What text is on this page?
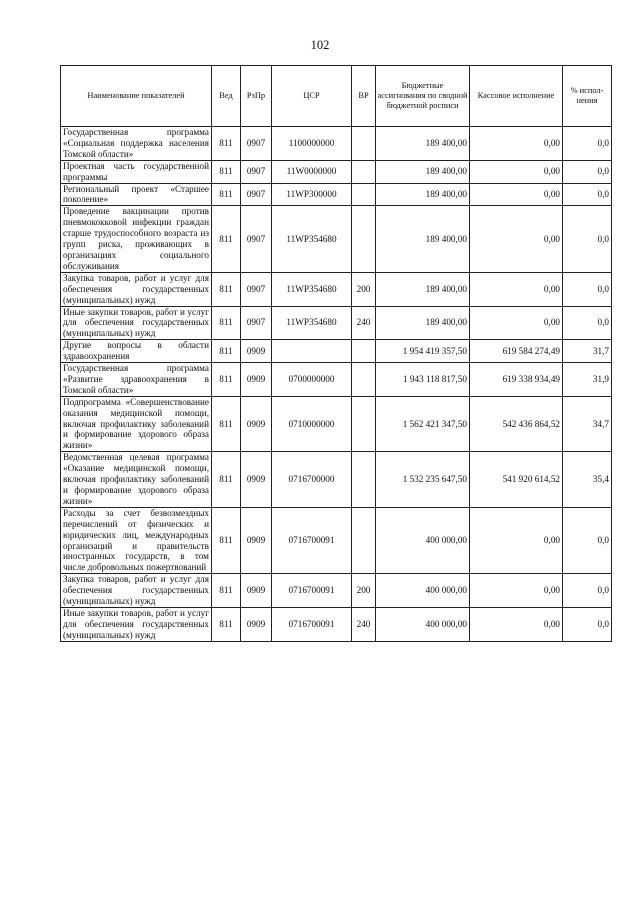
102
Наименование показателей	Вед	РзПр	ЦСР	ВР	Бюджетные ассигнования по сводной бюджетной росписи	Кассовое исполнение	% испол-нения
Государственная программа «Социальная поддержка населения Томской области»	811	0907	1100000000		189 400,00	0,00	0,0
Проектная часть государственной программы	811	0907	11W0000000		189 400,00	0,00	0,0
Региональный проект «Старшее поколение»	811	0907	11WP300000		189 400,00	0,00	0,0
Проведение вакцинации против пневмококковой инфекции граждан старше трудоспособного возраста из групп риска, проживающих в организациях социального обслуживания	811	0907	11WP354680		189 400,00	0,00	0,0
Закупка товаров, работ и услуг для обеспечения государственных (муниципальных) нужд	811	0907	11WP354680	200	189 400,00	0,00	0,0
Иные закупки товаров, работ и услуг для обеспечения государственных (муниципальных) нужд	811	0907	11WP354680	240	189 400,00	0,00	0,0
Другие вопросы в области здравоохранения	811	0909			1 954 419 357,50	619 584 274,49	31,7
Государственная программа «Развитие здравоохранения в Томской области»	811	0909	0700000000		1 943 118 817,50	619 338 934,49	31,9
Подпрограмма «Совершенствование оказания медицинской помощи, включая профилактику заболеваний и формирование здорового образа жизни»	811	0909	0710000000		1 562 421 347,50	542 436 864,52	34,7
Ведомственная целевая программа «Оказание медицинской помощи, включая профилактику заболеваний и формирование здорового образа жизни»	811	0909	0716700000		1 532 235 647,50	541 920 614,52	35,4
Расходы за счет безвозмездных перечислений от физических и юридических лиц, международных организаций и правительств иностранных государств, в том числе добровольных пожертвований	811	0909	0716700091		400 000,00	0,00	0,0
Закупка товаров, работ и услуг для обеспечения государственных (муниципальных) нужд	811	0909	0716700091	200	400 000,00	0,00	0,0
Иные закупки товаров, работ и услуг для обеспечения государственных (муниципальных) нужд	811	0909	0716700091	240	400 000,00	0,00	0,0
